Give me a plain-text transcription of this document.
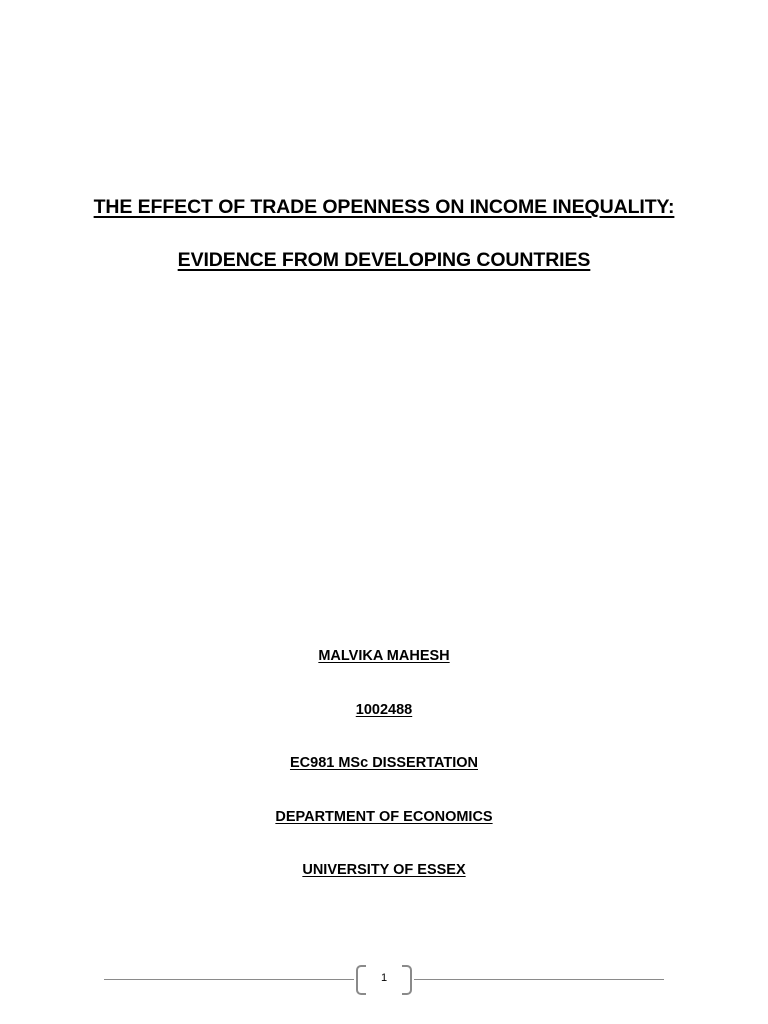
THE EFFECT OF TRADE OPENNESS ON INCOME INEQUALITY:
EVIDENCE FROM DEVELOPING COUNTRIES
MALVIKA MAHESH
1002488
EC981 MSc DISSERTATION
DEPARTMENT OF ECONOMICS
UNIVERSITY OF ESSEX
1
